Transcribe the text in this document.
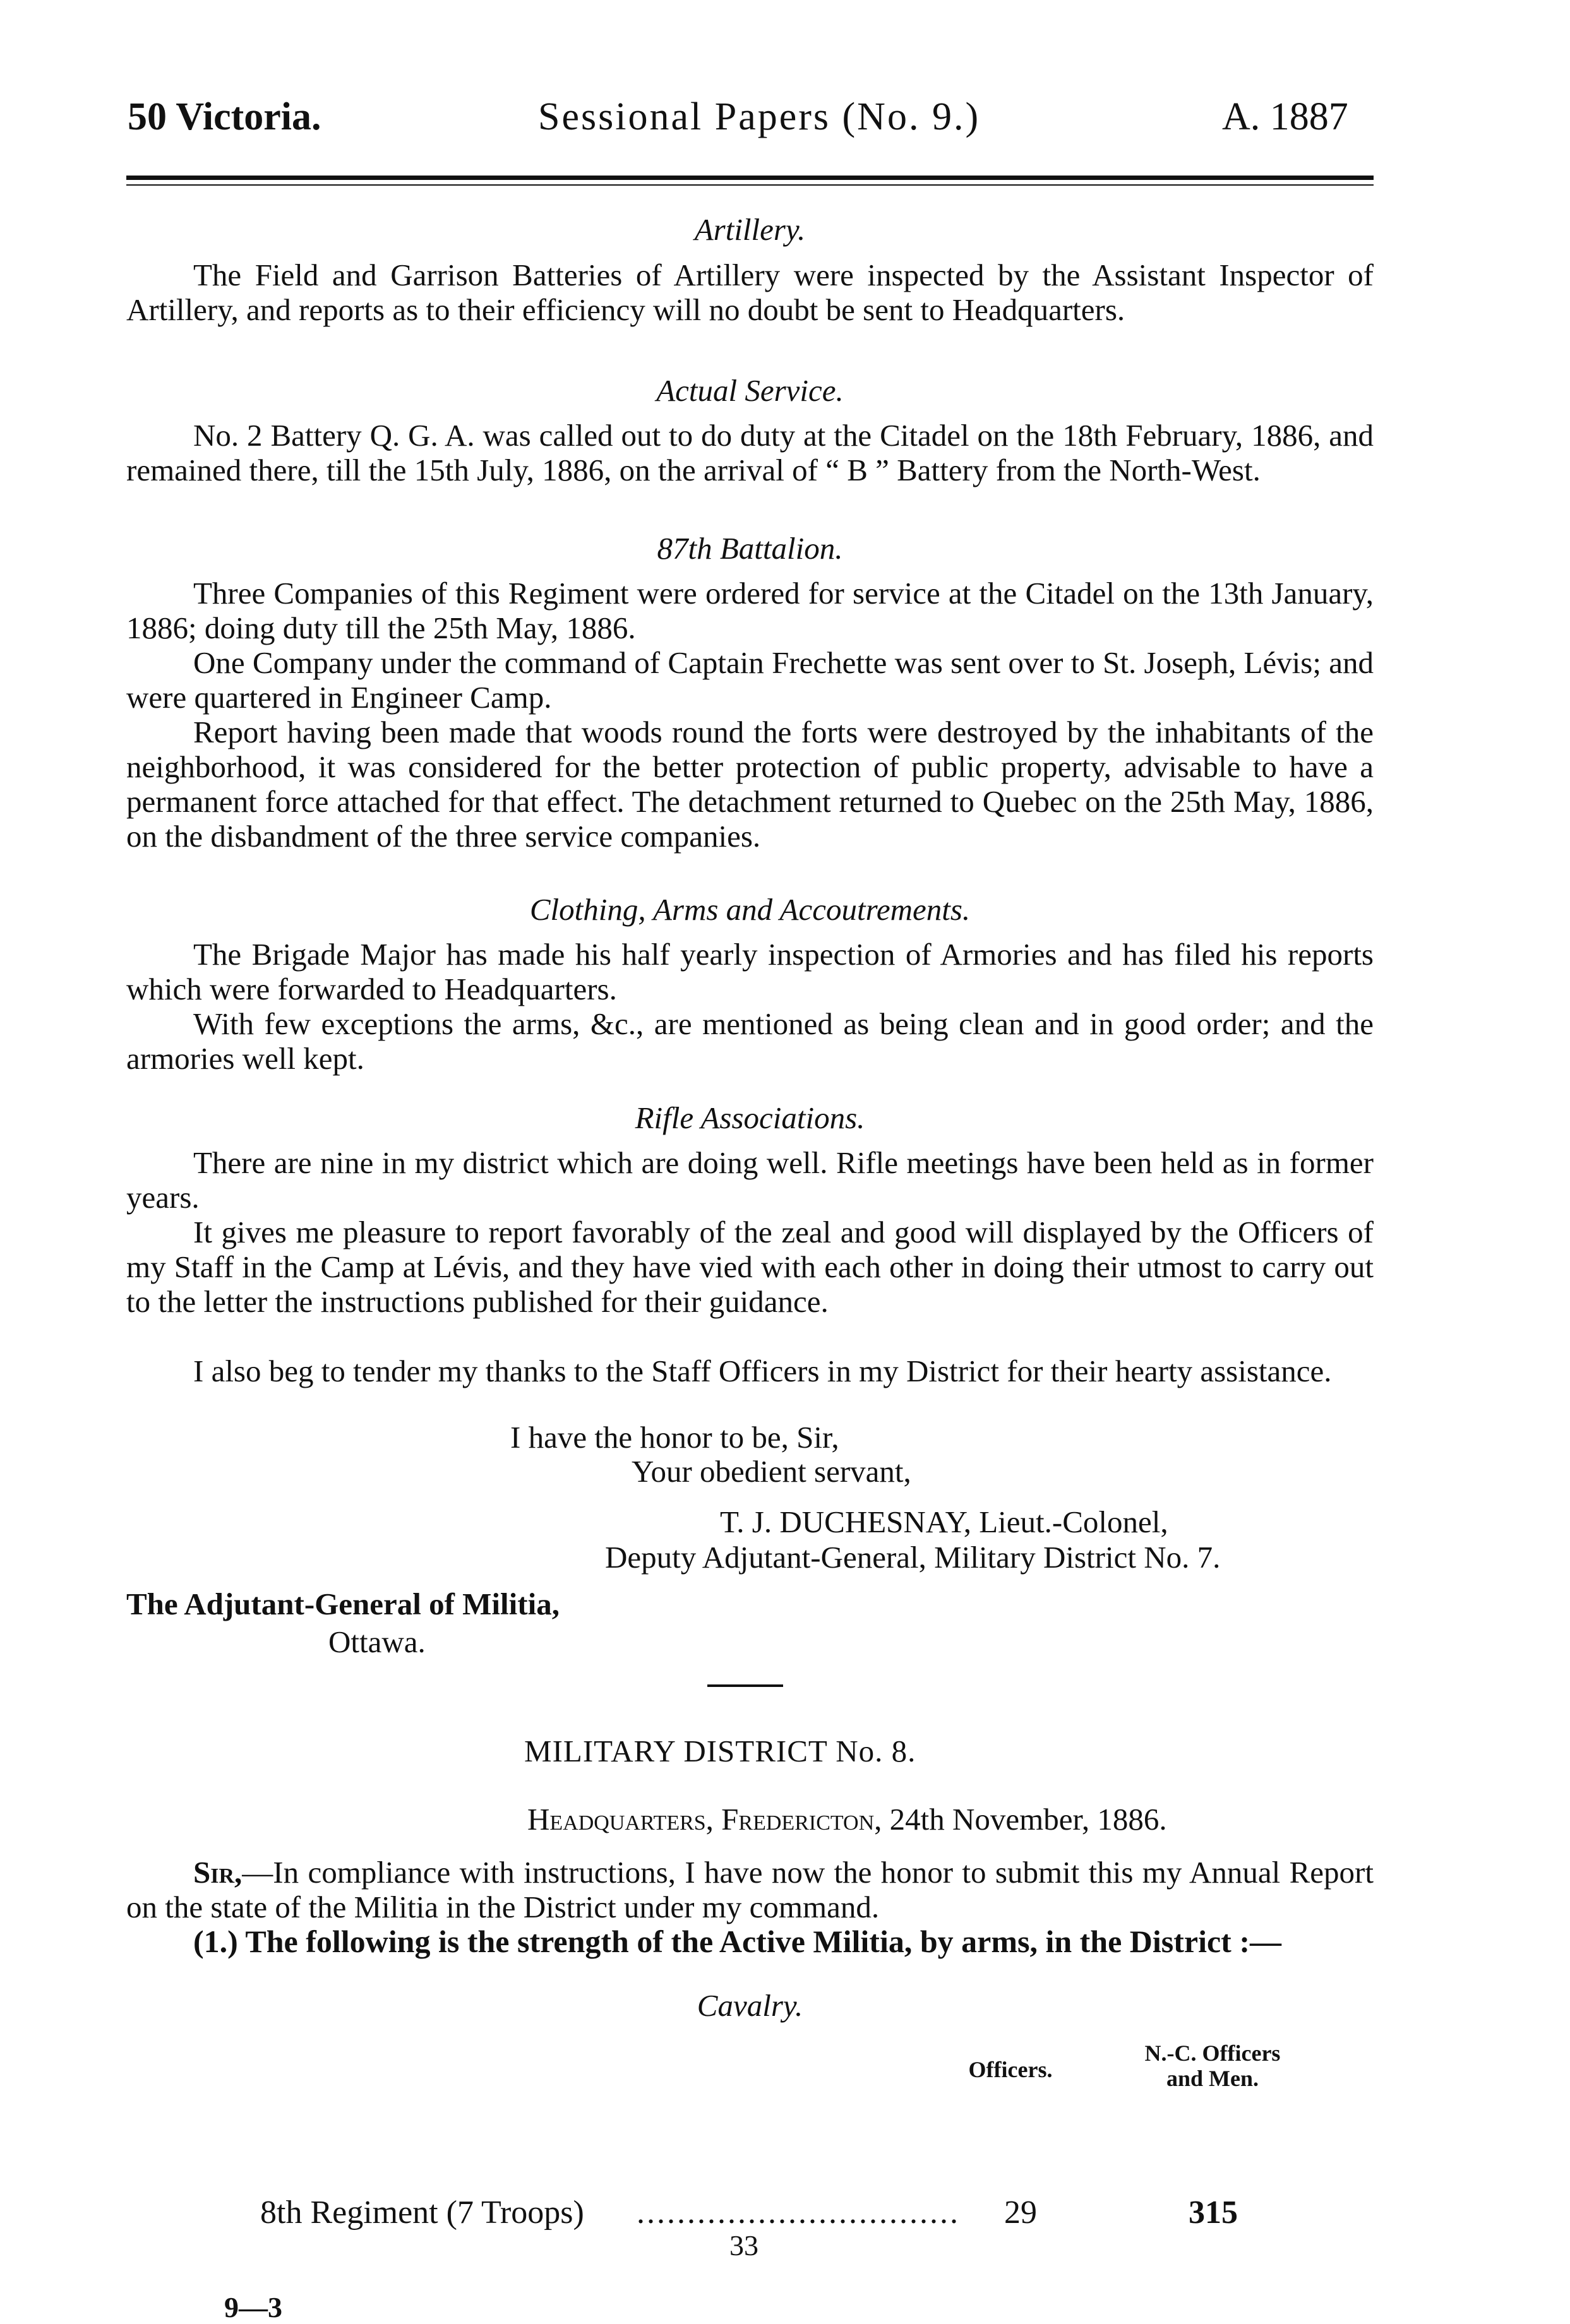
50 Victoria.	Sessional Papers (No. 9.)	A. 1887
Artillery.

The Field and Garrison Batteries of Artillery were inspected by the Assistant Inspector of Artillery, and reports as to their efficiency will no doubt be sent to Headquarters.

Actual Service.

No. 2 Battery Q. G. A. was called out to do duty at the Citadel on the 18th February, 1886, and remained there, till the 15th July, 1886, on the arrival of “ B ” Battery from the North-West.

87th Battalion.

Three Companies of this Regiment were ordered for service at the Citadel on the 13th January, 1886; doing duty till the 25th May, 1886.

One Company under the command of Captain Frechette was sent over to St. Joseph, Lévis; and were quartered in Engineer Camp.

Report having been made that woods round the forts were destroyed by the inhabitants of the neighborhood, it was considered for the better protection of public property, advisable to have a permanent force attached for that effect. The detachment returned to Quebec on the 25th May, 1886, on the disbandment of the three service companies.

Clothing, Arms and Accoutrements.

The Brigade Major has made his half yearly inspection of Armories and has filed his reports which were forwarded to Headquarters.

With few exceptions the arms, &c., are mentioned as being clean and in good order; and the armories well kept.

Rifle Associations.

There are nine in my district which are doing well. Rifle meetings have been held as in former years.

It gives me pleasure to report favorably of the zeal and good will displayed by the Officers of my Staff in the Camp at Lévis, and they have vied with each other in doing their utmost to carry out to the letter the instructions published for their guidance.

I also beg to tender my thanks to the Staff Officers in my District for their hearty assistance.

I have the honor to be, Sir,
Your obedient servant,
T. J. DUCHESNAY, Lieut.-Colonel,
Deputy Adjutant-General, Military District No. 7.
The Adjutant-General of Militia,
Ottawa.
MILITARY DISTRICT No. 8.
Headquarters, Fredericton, 24th November, 1886.

Sir,—In compliance with instructions, I have now the honor to submit this my Annual Report on the state of the Militia in the District under my command.

(1.) The following is the strength of the Active Militia, by arms, in the District :—

Cavalry.
Officers.
N.-C. Officers
and Men.
8th Regiment (7 Troops) ................................	29	315
33
9—3
